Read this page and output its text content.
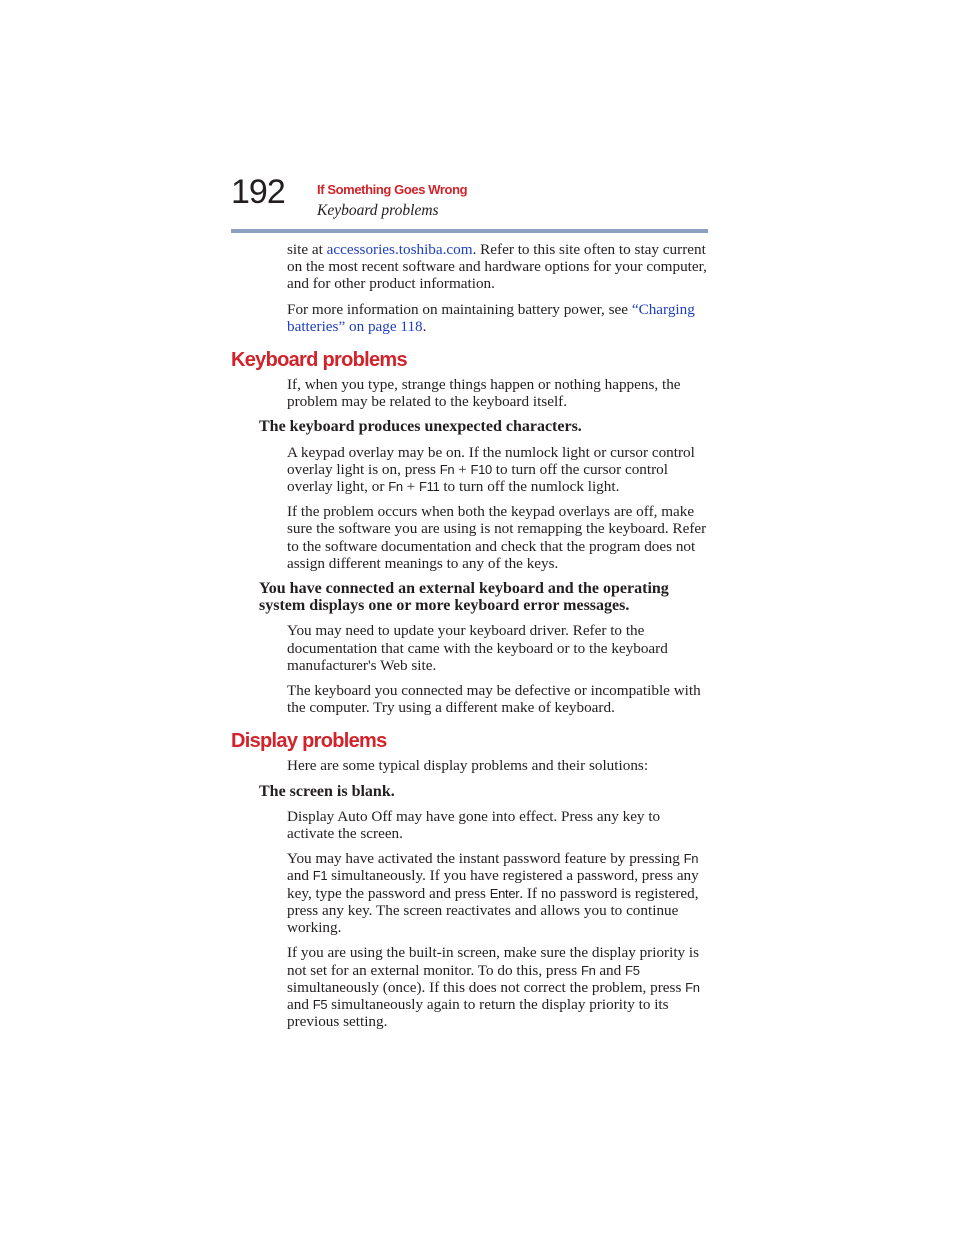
192 If Something Goes Wrong
Keyboard problems

site at accessories.toshiba.com. Refer to this site often to stay current on the most recent software and hardware options for your computer, and for other product information.

For more information on maintaining battery power, see “Charging batteries” on page 118.

Keyboard problems

If, when you type, strange things happen or nothing happens, the problem may be related to the keyboard itself.

The keyboard produces unexpected characters.

A keypad overlay may be on. If the numlock light or cursor control overlay light is on, press Fn + F10 to turn off the cursor control overlay light, or Fn + F11 to turn off the numlock light.

If the problem occurs when both the keypad overlays are off, make sure the software you are using is not remapping the keyboard. Refer to the software documentation and check that the program does not assign different meanings to any of the keys.

You have connected an external keyboard and the operating system displays one or more keyboard error messages.

You may need to update your keyboard driver. Refer to the documentation that came with the keyboard or to the keyboard manufacturer's Web site.

The keyboard you connected may be defective or incompatible with the computer. Try using a different make of keyboard.

Display problems

Here are some typical display problems and their solutions:

The screen is blank.

Display Auto Off may have gone into effect. Press any key to activate the screen.

You may have activated the instant password feature by pressing Fn and F1 simultaneously. If you have registered a password, press any key, type the password and press Enter. If no password is registered, press any key. The screen reactivates and allows you to continue working.

If you are using the built-in screen, make sure the display priority is not set for an external monitor. To do this, press Fn and F5 simultaneously (once). If this does not correct the problem, press Fn and F5 simultaneously again to return the display priority to its previous setting.
